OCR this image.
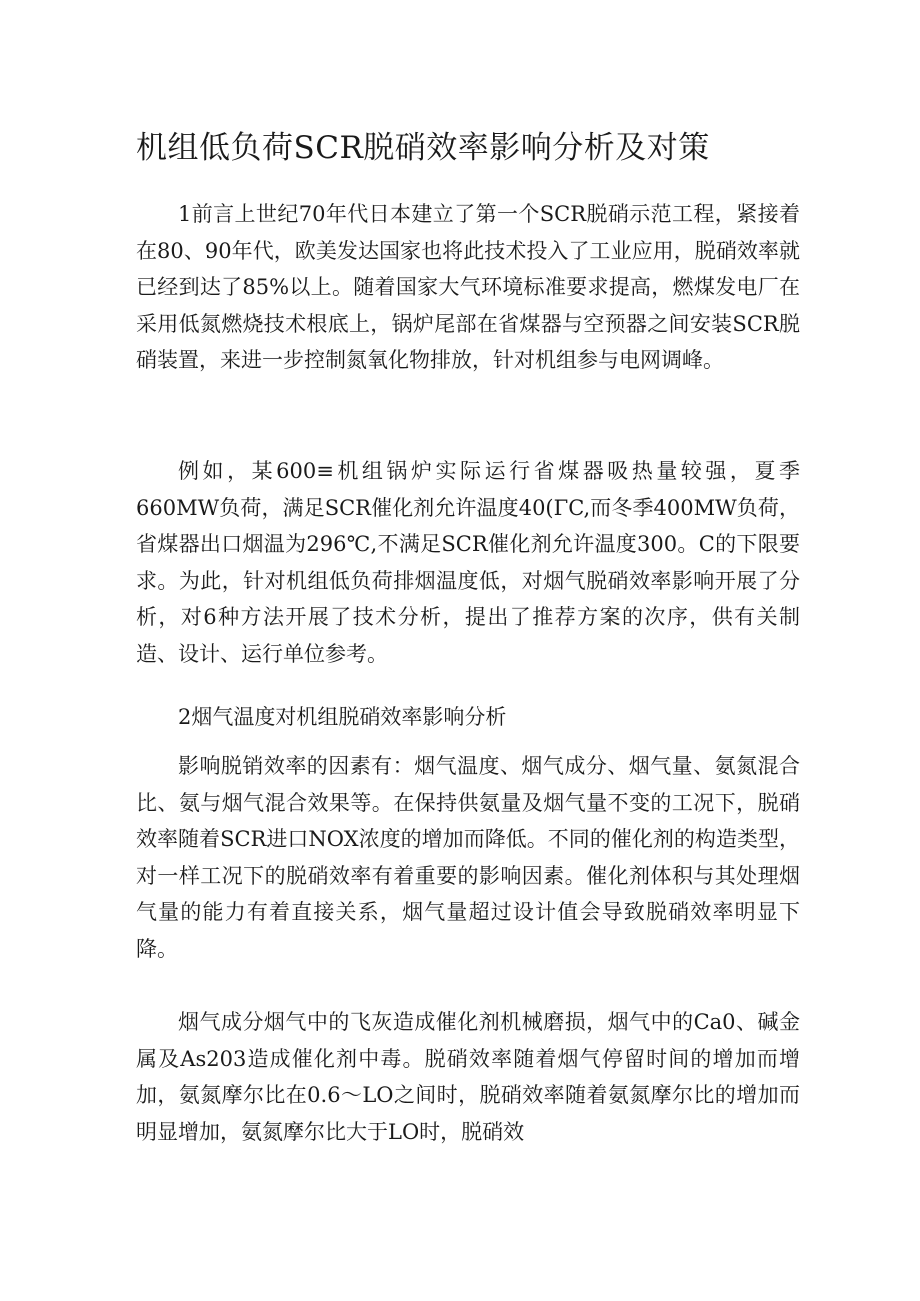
机组低负荷SCR脱硝效率影响分析及对策

1前言上世纪70年代日本建立了第一个SCR脱硝示范工程，紧接着在80、90年代，欧美发达国家也将此技术投入了工业应用，脱硝效率就已经到达了85%以上。随着国家大气环境标准要求提高，燃煤发电厂在采用低氮燃烧技术根底上，锅炉尾部在省煤器与空预器之间安装SCR脱硝装置，来进一步控制氮氧化物排放，针对机组参与电网调峰。

例如，某600≡机组锅炉实际运行省煤器吸热量较强，夏季660MW负荷，满足SCR催化剂允许温度40(ΓC,而冬季400MW负荷，省煤器出口烟温为296℃,不满足SCR催化剂允许温度300。C的下限要求。为此，针对机组低负荷排烟温度低，对烟气脱硝效率影响开展了分析，对6种方法开展了技术分析，提出了推荐方案的次序，供有关制造、设计、运行单位参考。

2烟气温度对机组脱硝效率影响分析

影响脱销效率的因素有：烟气温度、烟气成分、烟气量、氨氮混合比、氨与烟气混合效果等。在保持供氨量及烟气量不变的工况下，脱硝效率随着SCR进口NOX浓度的增加而降低。不同的催化剂的构造类型，对一样工况下的脱硝效率有着重要的影响因素。催化剂体积与其处理烟气量的能力有着直接关系，烟气量超过设计值会导致脱硝效率明显下降。

烟气成分烟气中的飞灰造成催化剂机械磨损，烟气中的Ca0、碱金属及As203造成催化剂中毒。脱硝效率随着烟气停留时间的增加而增加，氨氮摩尔比在0.6～LO之间时，脱硝效率随着氨氮摩尔比的增加而明显增加，氨氮摩尔比大于LO时，脱硝效
